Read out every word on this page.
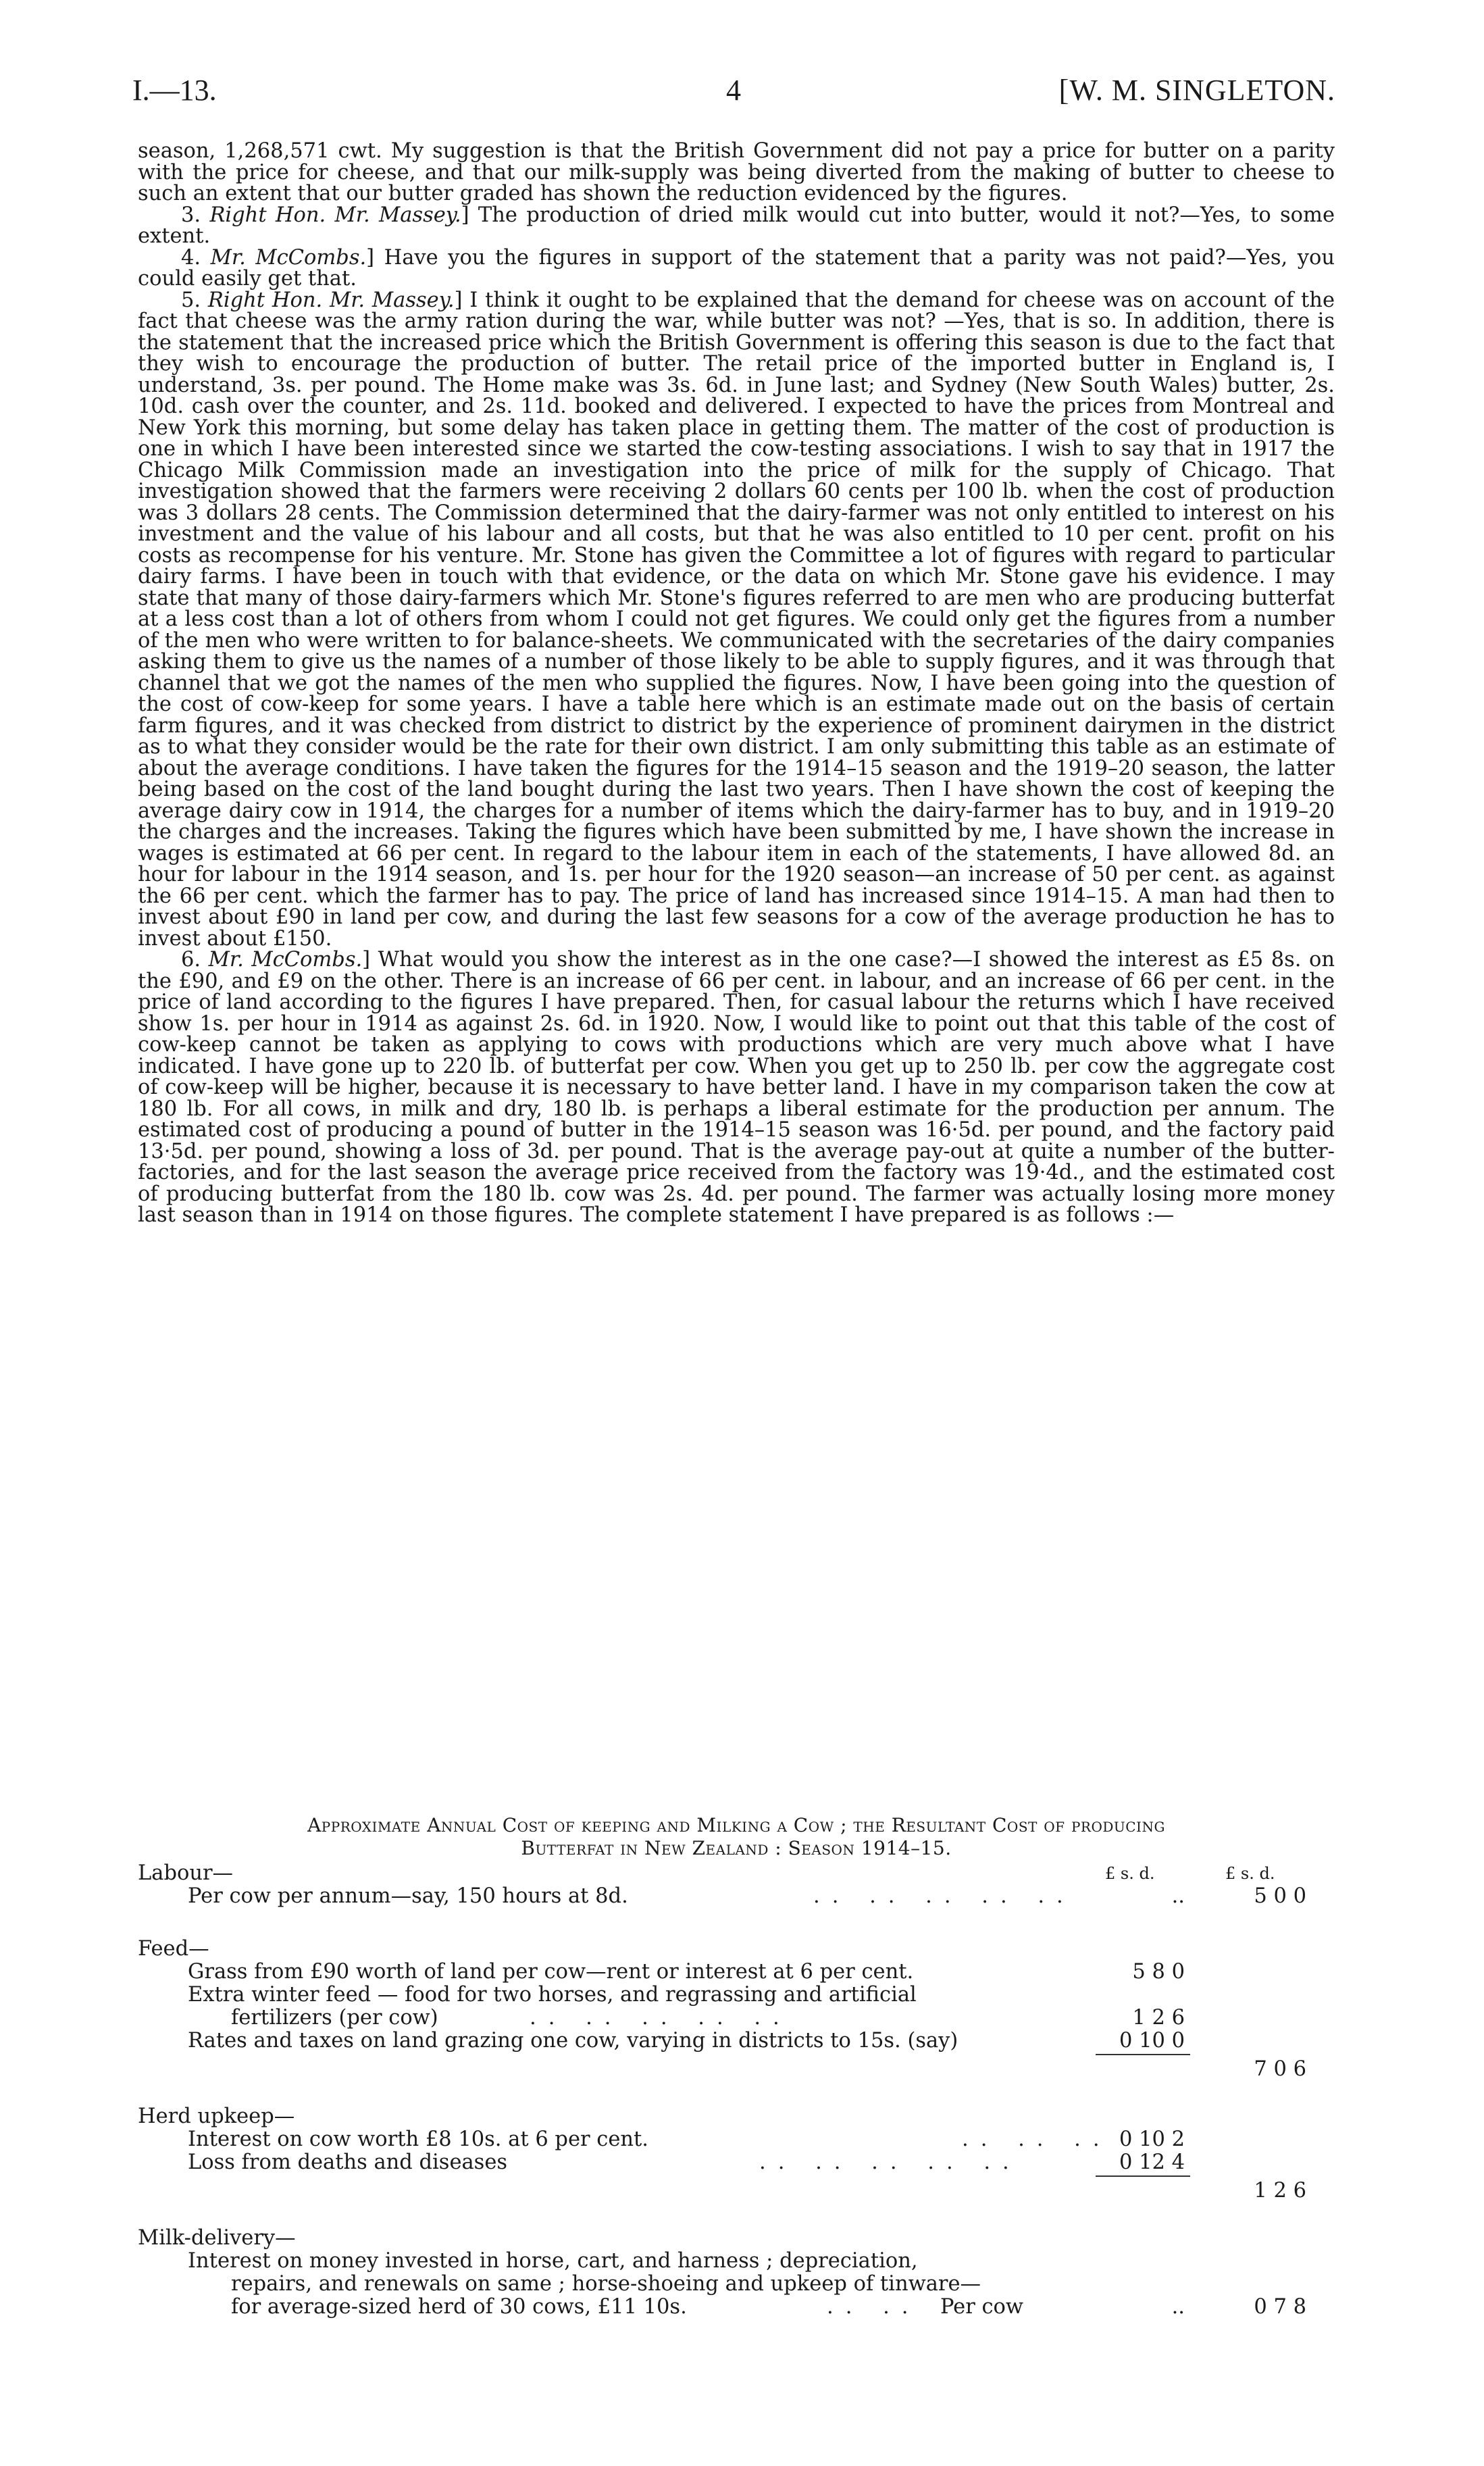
I.—13.	4	[W. M. SINGLETON.

season, 1,268,571 cwt. My suggestion is that the British Government did not pay a price for butter on a parity with the price for cheese, and that our milk-supply was being diverted from the making of butter to cheese to such an extent that our butter graded has shown the reduction evidenced by the figures.

3. Right Hon. Mr. Massey.] The production of dried milk would cut into butter, would it not?—Yes, to some extent.

4. Mr. McCombs.] Have you the figures in support of the statement that a parity was not paid?—Yes, you could easily get that.

5. Right Hon. Mr. Massey.] I think it ought to be explained that the demand for cheese was on account of the fact that cheese was the army ration during the war, while butter was not? —Yes, that is so. In addition, there is the statement that the increased price which the British Government is offering this season is due to the fact that they wish to encourage the production of butter. The retail price of the imported butter in England is, I understand, 3s. per pound. The Home make was 3s. 6d. in June last; and Sydney (New South Wales) butter, 2s. 10d. cash over the counter, and 2s. 11d. booked and delivered. I expected to have the prices from Montreal and New York this morning, but some delay has taken place in getting them. The matter of the cost of production is one in which I have been interested since we started the cow-testing associations. I wish to say that in 1917 the Chicago Milk Commission made an investigation into the price of milk for the supply of Chicago. That investigation showed that the farmers were receiving 2 dollars 60 cents per 100 lb. when the cost of production was 3 dollars 28 cents. The Commission determined that the dairy-farmer was not only entitled to interest on his investment and the value of his labour and all costs, but that he was also entitled to 10 per cent. profit on his costs as recompense for his venture. Mr. Stone has given the Committee a lot of figures with regard to particular dairy farms. I have been in touch with that evidence, or the data on which Mr. Stone gave his evidence. I may state that many of those dairy-farmers which Mr. Stone's figures referred to are men who are producing butterfat at a less cost than a lot of others from whom I could not get figures. We could only get the figures from a number of the men who were written to for balance-sheets. We communicated with the secretaries of the dairy companies asking them to give us the names of a number of those likely to be able to supply figures, and it was through that channel that we got the names of the men who supplied the figures. Now, I have been going into the question of the cost of cow-keep for some years. I have a table here which is an estimate made out on the basis of certain farm figures, and it was checked from district to district by the experience of prominent dairymen in the district as to what they consider would be the rate for their own district. I am only submitting this table as an estimate of about the average conditions. I have taken the figures for the 1914–15 season and the 1919–20 season, the latter being based on the cost of the land bought during the last two years. Then I have shown the cost of keeping the average dairy cow in 1914, the charges for a number of items which the dairy-farmer has to buy, and in 1919–20 the charges and the increases. Taking the figures which have been submitted by me, I have shown the increase in wages is estimated at 66 per cent. In regard to the labour item in each of the statements, I have allowed 8d. an hour for labour in the 1914 season, and 1s. per hour for the 1920 season—an increase of 50 per cent. as against the 66 per cent. which the farmer has to pay. The price of land has increased since 1914–15. A man had then to invest about £90 in land per cow, and during the last few seasons for a cow of the average production he has to invest about £150.

6. Mr. McCombs.] What would you show the interest as in the one case?—I showed the interest as £5 8s. on the £90, and £9 on the other. There is an increase of 66 per cent. in labour, and an increase of 66 per cent. in the price of land according to the figures I have prepared. Then, for casual labour the returns which I have received show 1s. per hour in 1914 as against 2s. 6d. in 1920. Now, I would like to point out that this table of the cost of cow-keep cannot be taken as applying to cows with productions which are very much above what I have indicated. I have gone up to 220 lb. of butterfat per cow. When you get up to 250 lb. per cow the aggregate cost of cow-keep will be higher, because it is necessary to have better land. I have in my comparison taken the cow at 180 lb. For all cows, in milk and dry, 180 lb. is perhaps a liberal estimate for the production per annum. The estimated cost of producing a pound of butter in the 1914–15 season was 16·5d. per pound, and the factory paid 13·5d. per pound, showing a loss of 3d. per pound. That is the average pay-out at quite a number of the butter-factories, and for the last season the average price received from the factory was 19·4d., and the estimated cost of producing butterfat from the 180 lb. cow was 2s. 4d. per pound. The farmer was actually losing more money last season than in 1914 on those figures. The complete statement I have prepared is as follows :—

Approximate Annual Cost of keeping and Milking a Cow ; the Resultant Cost of producing
Butterfat in New Zealand : Season 1914–15.
Labour—	£ s. d.	£ s. d.
Per cow per annum—say, 150 hours at 8d.	.. .. .. .. ..	..	5 0 0
Feed—
Grass from £90 worth of land per cow—rent or interest at 6 per cent.	5 8 0
Extra winter feed — food for two horses, and regrassing and artificial
fertilizers (per cow)	.. .. .. .. ..	1 2 6
Rates and taxes on land grazing one cow, varying in districts to 15s. (say)	0 10 0
7 0 6
Herd upkeep—
Interest on cow worth £8 10s. at 6 per cent.	.. .. .. 0 10 2
Loss from deaths and diseases	.. .. .. .. ..	0 12 4
1 2 6
Milk-delivery—
Interest on money invested in horse, cart, and harness ; depreciation,
repairs, and renewals on same ; horse-shoeing and upkeep of tinware—
for average-sized herd of 30 cows, £11 10s.	.. .. Per cow	..	0 7 8
